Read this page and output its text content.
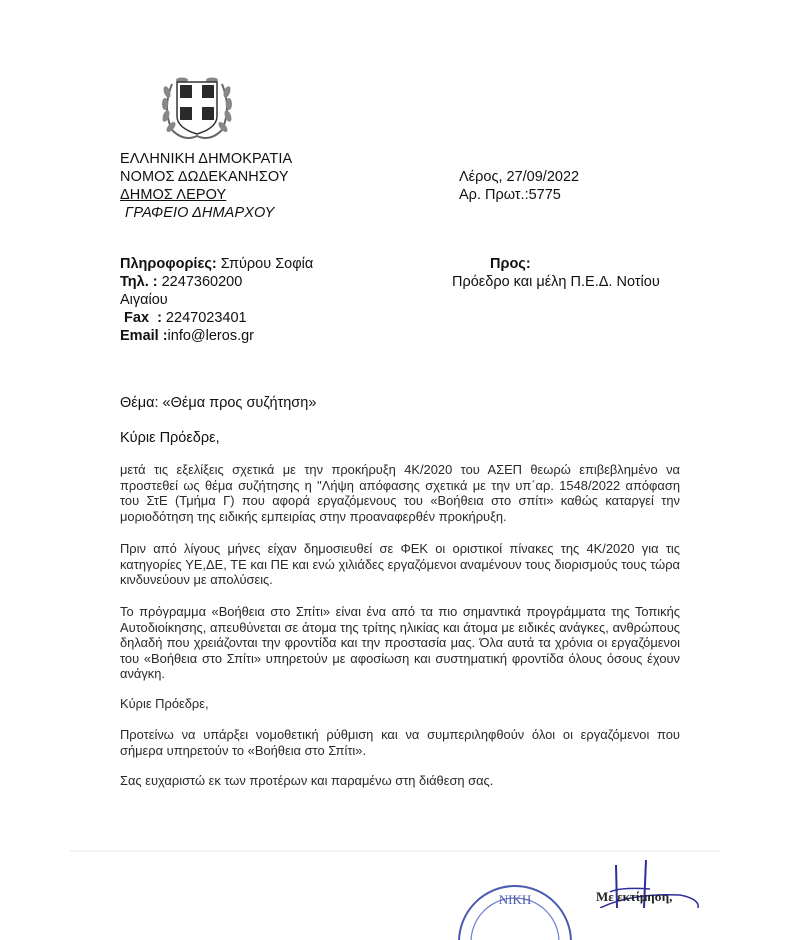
ΕΛΛΗΝΙΚΗ ΔΗΜΟΚΡΑΤΙΑ
ΝΟΜΟΣ ΔΩΔΕΚΑΝΗΣΟΥ
ΔΗΜΟΣ ΛΕΡΟΥ
ΓΡΑΦΕΙΟ ΔΗΜΑΡΧΟΥ
Λέρος, 27/09/2022
Αρ. Πρωτ.:5775
Πληροφορίες: Σπύρου Σοφία
Τηλ. : 2247360200
Αιγαίου
Fax  : 2247023401
Email :info@leros.gr
Προς:
Πρόεδρο και μέλη Π.Ε.Δ. Νοτίου
Θέμα: «Θέμα προς συζήτηση»
Κύριε Πρόεδρε,
μετά τις εξελίξεις σχετικά με την προκήρυξη 4Κ/2020 του ΑΣΕΠ θεωρώ επιβεβλημένο να προστεθεί ως θέμα συζήτησης η "Λήψη απόφασης σχετικά με την υπ΄αρ. 1548/2022 απόφαση του ΣτΕ (Τμήμα Γ) που αφορά εργαζόμενους του «Βοήθεια στο σπίτι» καθώς καταργεί την μοριοδότηση της ειδικής εμπειρίας στην προαναφερθέν προκήρυξη.
Πριν από λίγους μήνες είχαν δημοσιευθεί σε ΦΕΚ οι οριστικοί πίνακες της 4Κ/2020 για τις κατηγορίες ΥΕ,ΔΕ, ΤΕ και ΠΕ και ενώ χιλιάδες εργαζόμενοι αναμένουν τους διορισμούς τους τώρα κινδυνεύουν με απολύσεις.
Το πρόγραμμα «Βοήθεια στο Σπίτι» είναι ένα από τα πιο σημαντικά προγράμματα της Τοπικής Αυτοδιοίκησης, απευθύνεται σε άτομα της τρίτης ηλικίας και άτομα με ειδικές ανάγκες, ανθρώπους δηλαδή που χρειάζονται την φροντίδα και την προστασία μας. Όλα αυτά τα χρόνια οι εργαζόμενοι του «Βοήθεια στο Σπίτι» υπηρετούν με αφοσίωση και συστηματική φροντίδα όλους όσους έχουν ανάγκη.
Κύριε Πρόεδρε,
Προτείνω να υπάρξει νομοθετική ρύθμιση και να συμπεριληφθούν όλοι οι εργαζόμενοι που σήμερα υπηρετούν το «Βοήθεια στο Σπίτι».
Σας ευχαριστώ εκ των προτέρων και παραμένω στη διάθεση σας.
ΝΙΚΗ	Με εκτίμηση,
